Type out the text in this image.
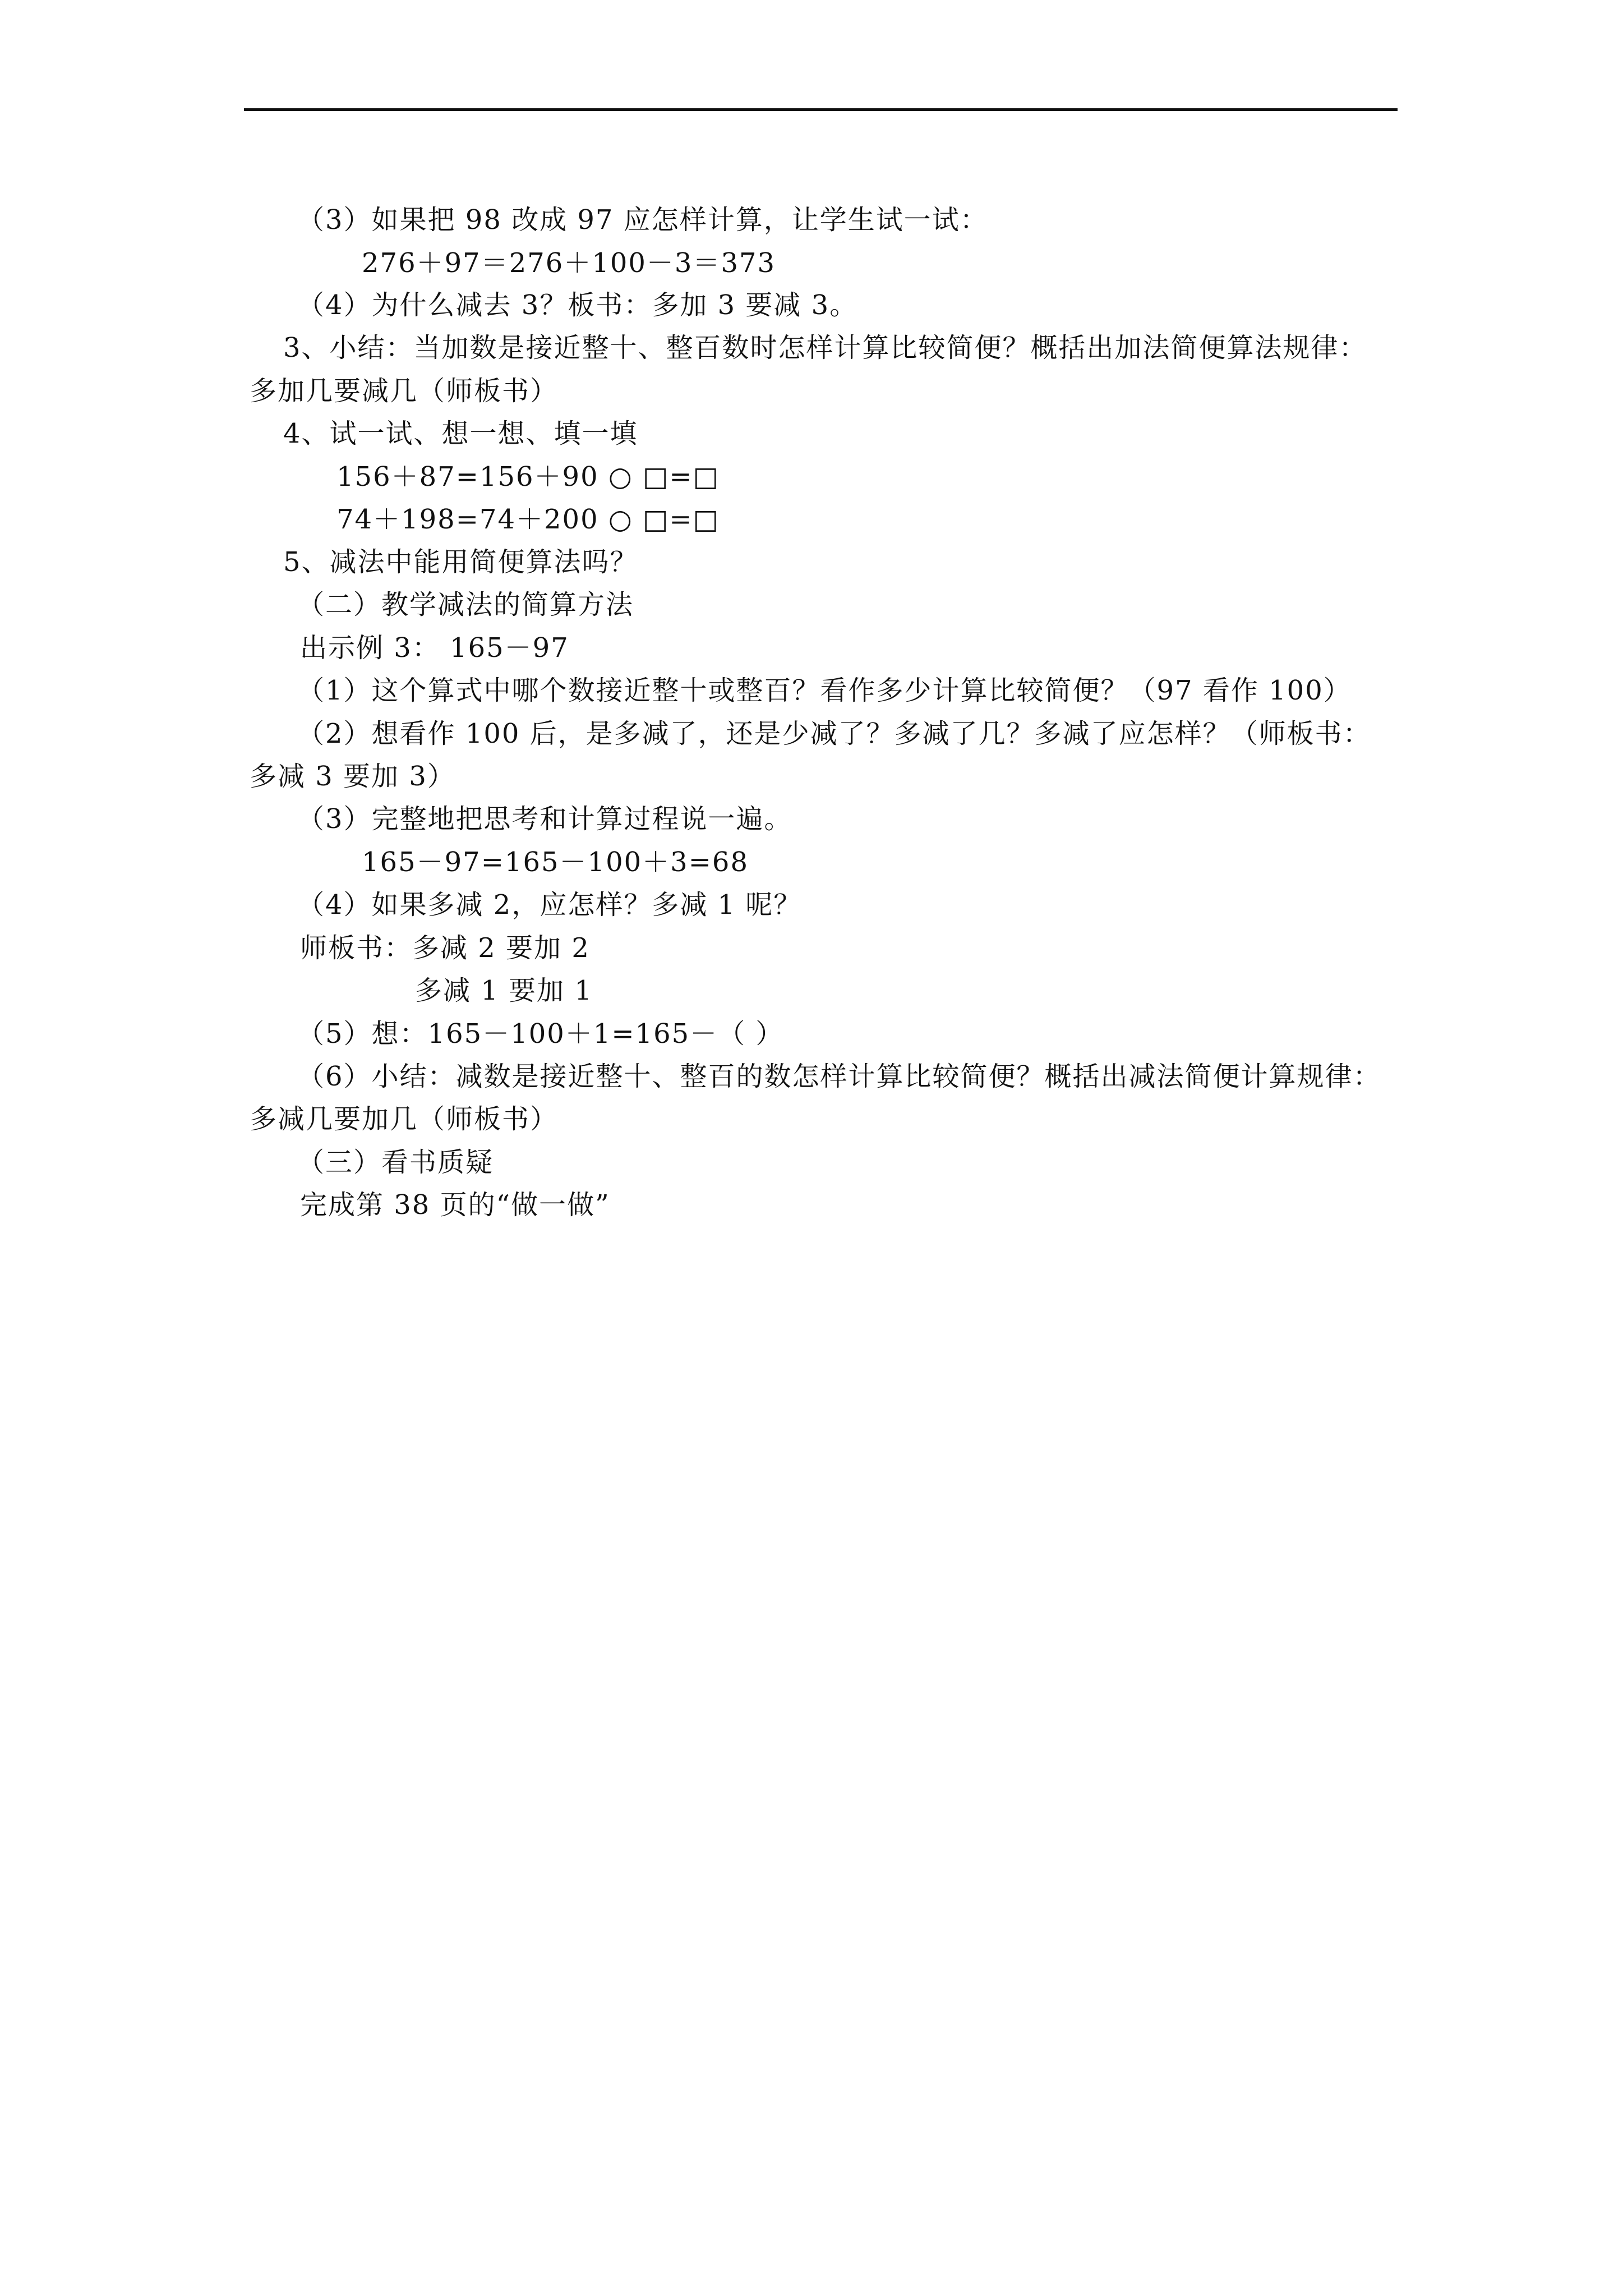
（3）如果把 98 改成 97 应怎样计算，让学生试一试：
276＋97＝276＋100－3＝373
（4）为什么减去 3？板书：多加 3 要减 3。
3、小结：当加数是接近整十、整百数时怎样计算比较简便？概括出加法简便算法规律：
多加几要减几（师板书）
4、试一试、想一想、填一填
156＋87=156＋90 ○ □=□
74＋198=74＋200 ○ □=□
5、减法中能用简便算法吗？
（二）教学减法的简算方法
出示例 3： 165－97
（1）这个算式中哪个数接近整十或整百？看作多少计算比较简便？（97 看作 100）
（2）想看作 100 后，是多减了，还是少减了？多减了几？多减了应怎样？（师板书：
多减 3 要加 3）
（3）完整地把思考和计算过程说一遍。
165－97=165－100＋3=68
（4）如果多减 2，应怎样？多减 1 呢？
师板书：多减 2 要加 2
多减 1 要加 1
（5）想：165－100＋1=165－（ ）
（6）小结：减数是接近整十、整百的数怎样计算比较简便？概括出减法简便计算规律：
多减几要加几（师板书）
（三）看书质疑
完成第 38 页的“做一做”
